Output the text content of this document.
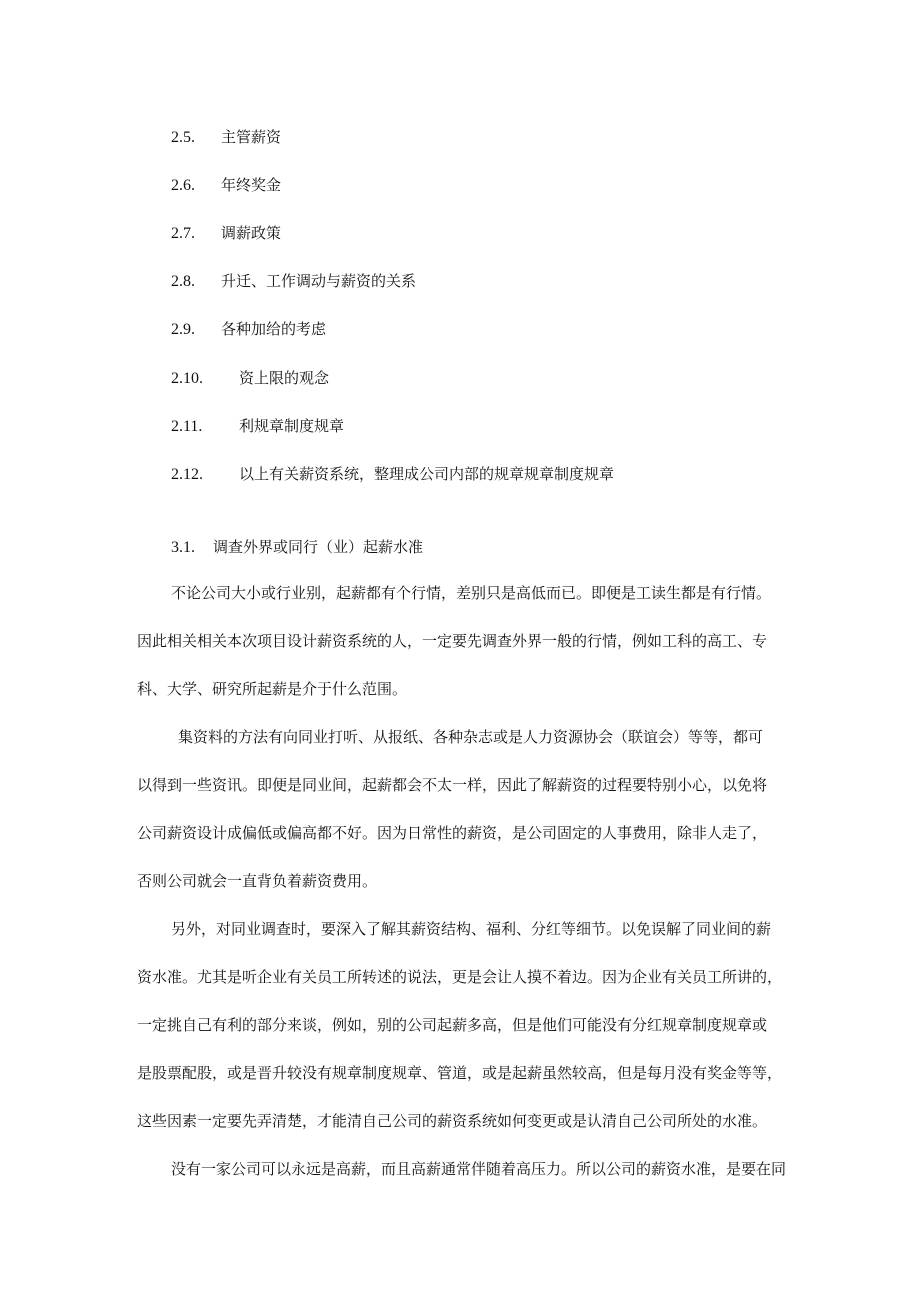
2.5. 主管薪资
2.6. 年终奖金
2.7. 调薪政策
2.8. 升迁、工作调动与薪资的关系
2.9. 各种加给的考虑
2.10. 资上限的观念
2.11. 利规章制度规章
2.12. 以上有关薪资系统，整理成公司内部的规章规章制度规章
3.1. 调查外界或同行（业）起薪水准
不论公司大小或行业别，起薪都有个行情，差别只是高低而已。即便是工读生都是有行情。
因此相关相关本次项目设计薪资系统的人，一定要先调查外界一般的行情，例如工科的高工、专
科、大学、研究所起薪是介于什么范围。
集资料的方法有向同业打听、从报纸、各种杂志或是人力资源协会（联谊会）等等，都可
以得到一些资讯。即便是同业间，起薪都会不太一样，因此了解薪资的过程要特别小心，以免将
公司薪资设计成偏低或偏高都不好。因为日常性的薪资，是公司固定的人事费用，除非人走了，
否则公司就会一直背负着薪资费用。
另外，对同业调查时，要深入了解其薪资结构、福利、分红等细节。以免误解了同业间的薪
资水准。尤其是听企业有关员工所转述的说法，更是会让人摸不着边。因为企业有关员工所讲的，
一定挑自己有利的部分来谈，例如，别的公司起薪多高，但是他们可能没有分红规章制度规章或
是股票配股，或是晋升较没有规章制度规章、管道，或是起薪虽然较高，但是每月没有奖金等等，
这些因素一定要先弄清楚，才能清自己公司的薪资系统如何变更或是认清自己公司所处的水准。
没有一家公司可以永远是高薪，而且高薪通常伴随着高压力。所以公司的薪资水准，是要在同
